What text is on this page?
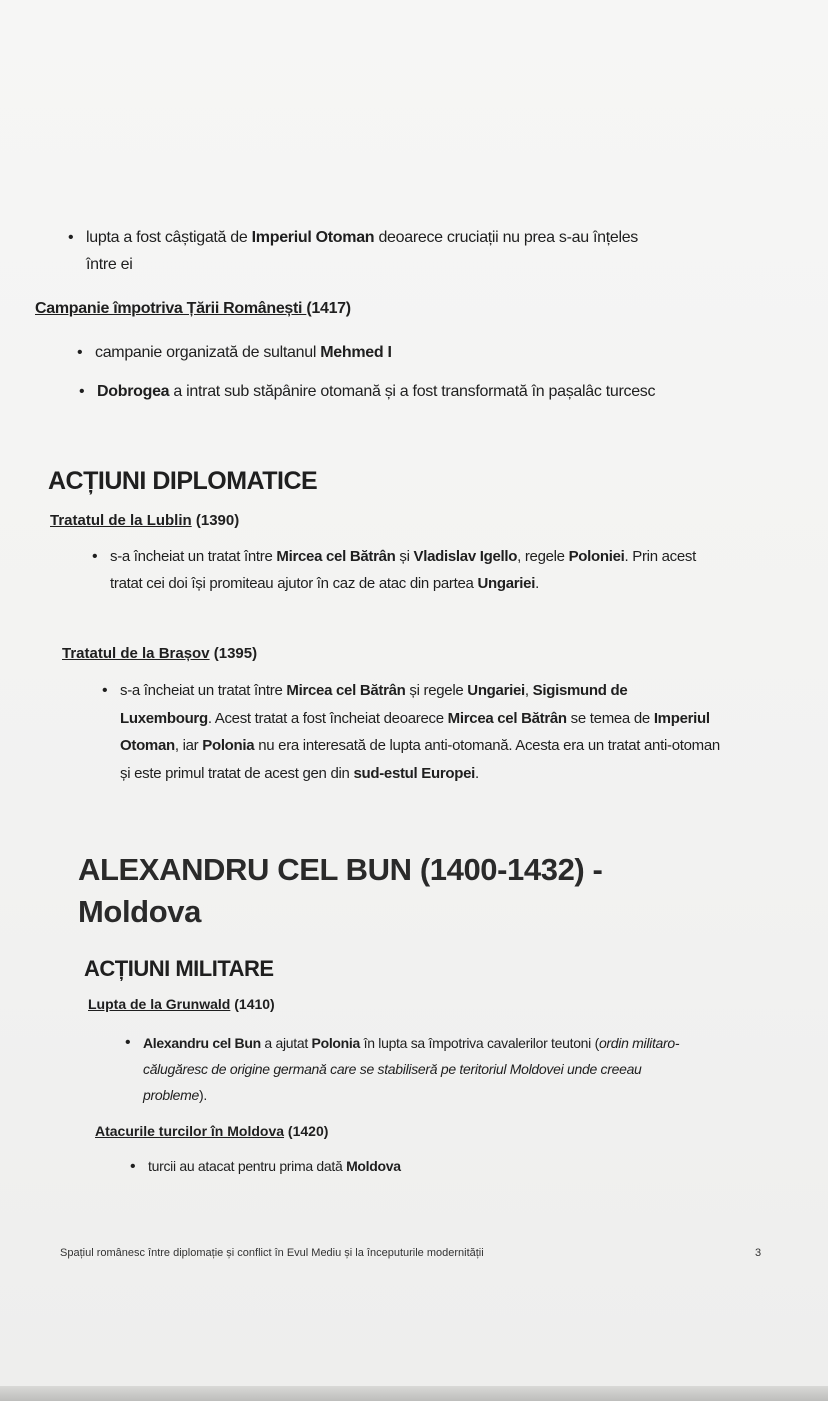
• lupta a fost câștigată de Imperiul Otoman deoarece cruciații nu prea s-au înțeles între ei
Campanie împotriva Țării Românești (1417)
• campanie organizată de sultanul Mehmed I
• Dobrogea a intrat sub stăpânire otomană și a fost transformată în pașalâc turcesc
ACȚIUNI DIPLOMATICE
Tratatul de la Lublin (1390)
• s-a încheiat un tratat între Mircea cel Bătrân și Vladislav Igello, regele Poloniei. Prin acest tratat cei doi își promiteau ajutor în caz de atac din partea Ungariei.
Tratatul de la Brașov (1395)
• s-a încheiat un tratat între Mircea cel Bătrân și regele Ungariei, Sigismund de Luxembourg. Acest tratat a fost încheiat deoarece Mircea cel Bătrân se temea de Imperiul Otoman, iar Polonia nu era interesată de lupta anti-otomană. Acesta era un tratat anti-otoman și este primul tratat de acest gen din sud-estul Europei.
ALEXANDRU CEL BUN (1400-1432) - Moldova
ACȚIUNI MILITARE
Lupta de la Grunwald (1410)
• Alexandru cel Bun a ajutat Polonia în lupta sa împotriva cavalerilor teutoni (ordin militaro-călugăresc de origine germană care se stabiliseră pe teritoriul Moldovei unde creeau probleme).
Atacurile turcilor în Moldova (1420)
• turcii au atacat pentru prima dată Moldova
Spațiul românesc între diplomație și conflict în Evul Mediu și la începuturile modernității	3
